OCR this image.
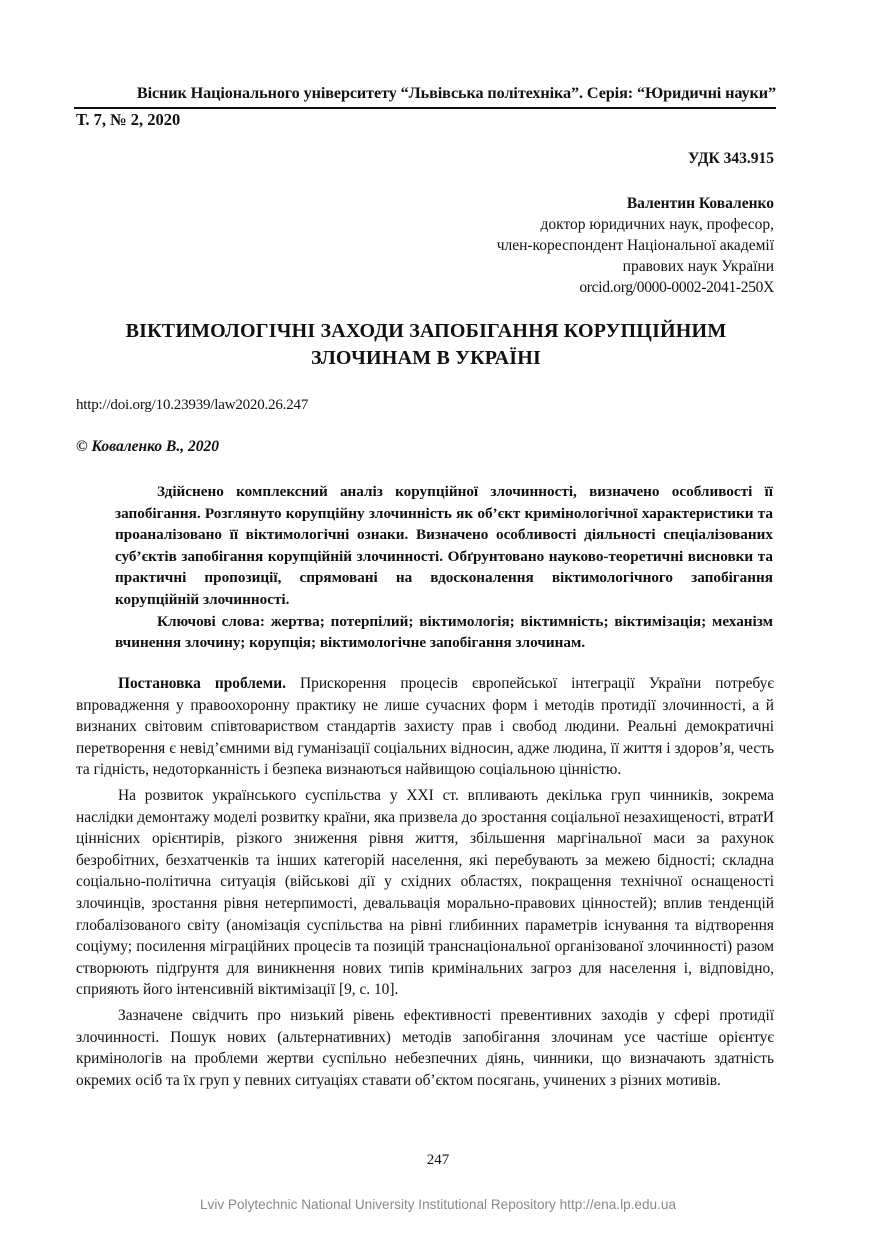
Вісник Національного університету “Львівська політехніка”. Серія: “Юридичні науки”
Т. 7, № 2, 2020
УДК 343.915
Валентин Коваленко
доктор юридичних наук, професор,
член-кореспондент Національної академії
правових наук України
orcid.org/0000-0002-2041-250X
ВІКТИМОЛОГІЧНІ ЗАХОДИ ЗАПОБІГАННЯ КОРУПЦІЙНИМ
ЗЛОЧИНАМ В УКРАЇНІ
http://doi.org/10.23939/law2020.26.247
© Коваленко В., 2020

Здійснено комплексний аналіз корупційної злочинності, визначено особливості її запобігання. Розглянуто корупційну злочинність як об’єкт кримінологічної характеристики та проаналізовано її віктимологічні ознаки. Визначено особливості діяльності спеціалізованих суб’єктів запобігання корупційній злочинності. Обґрунтовано науково-теоретичні висновки та практичні пропозиції, спрямовані на вдосконалення віктимологічного запобігання корупційній злочинності.

Ключові слова: жертва; потерпілий; віктимологія; віктимність; віктимізація; механізм вчинення злочину; корупція; віктимологічне запобігання злочинам.

Постановка проблеми. Прискорення процесів європейської інтеграції України потребує впровадження у правоохоронну практику не лише сучасних форм і методів протидії злочинності, а й визнаних світовим співтовариством стандартів захисту прав і свобод людини. Реальні демократичні перетворення є невід’ємними від гуманізації соціальних відносин, адже людина, її життя і здоров’я, честь та гідність, недоторканність і безпека визнаються найвищою соціальною цінністю.

На розвиток українського суспільства у XXI ст. впливають декілька груп чинників, зокрема наслідки демонтажу моделі розвитку країни, яка призвела до зростання соціальної незахищеності, втратИ ціннісних орієнтирів, різкого зниження рівня життя, збільшення маргінальної маси за рахунок безробітних, безхатченків та інших категорій населення, які перебувають за межею бідності; складна соціально-політична ситуація (військові дії у східних областях, покращення технічної оснащеності злочинців, зростання рівня нетерпимості, девальвація морально-правових цінностей); вплив тенденцій глобалізованого світу (аномізація суспільства на рівні глибинних параметрів існування та відтворення соціуму; посилення міграційних процесів та позицій транснаціональної організованої злочинності) разом створюють підґрунтя для виникнення нових типів кримінальних загроз для населення і, відповідно, сприяють його інтенсивній віктимізації [9, с. 10].

Зазначене свідчить про низький рівень ефективності превентивних заходів у сфері протидії злочинності. Пошук нових (альтернативних) методів запобігання злочинам усе частіше орієнтує кримінологів на проблеми жертви суспільно небезпечних діянь, чинники, що визначають здатність окремих осіб та їх груп у певних ситуаціях ставати об’єктом посягань, учинених з різних мотивів.

247
Lviv Polytechnic National University Institutional Repository http://ena.lp.edu.ua
